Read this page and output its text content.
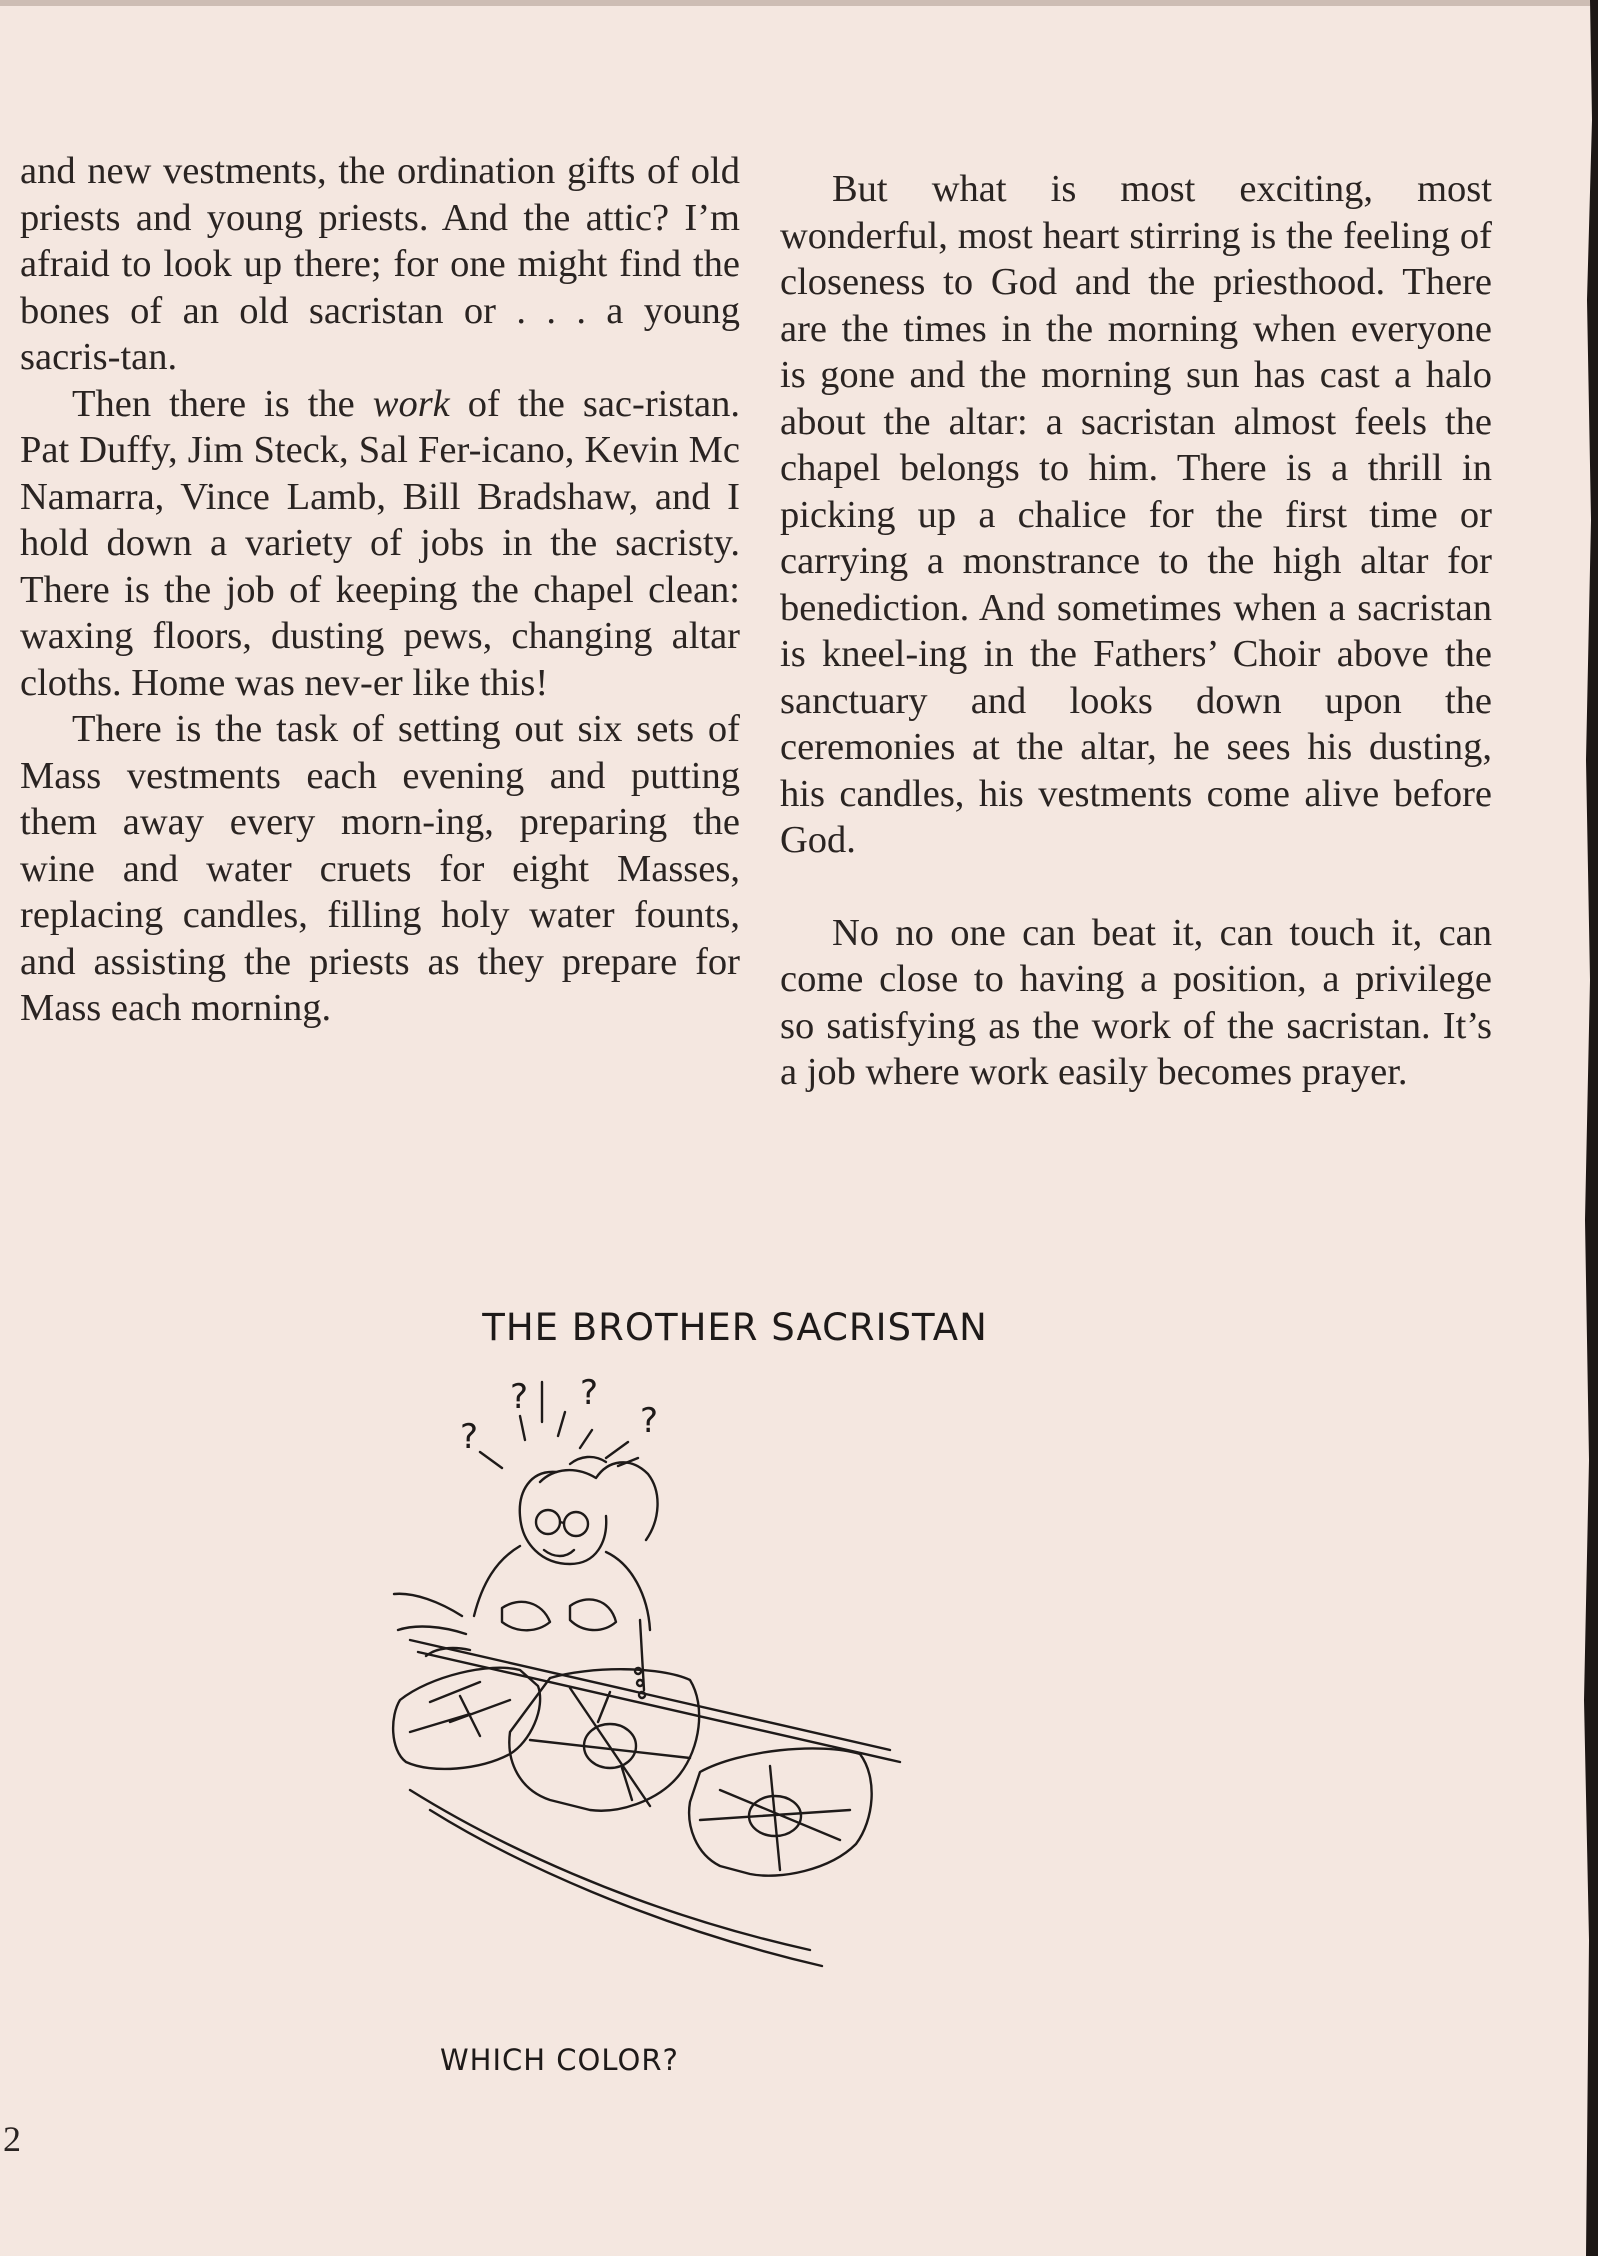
and new vestments, the ordination gifts of old priests and young priests. And the attic? I’m afraid to look up there; for one might find the bones of an old sacristan or . . . a young sacris-tan.

Then there is the work of the sac-ristan. Pat Duffy, Jim Steck, Sal Fer-icano, Kevin Mc Namarra, Vince Lamb, Bill Bradshaw, and I hold down a variety of jobs in the sacristy. There is the job of keeping the chapel clean: waxing floors, dusting pews, changing altar cloths. Home was nev-er like this!

There is the task of setting out six sets of Mass vestments each evening and putting them away every morn-ing, preparing the wine and water cruets for eight Masses, replacing candles, filling holy water founts, and assisting the priests as they prepare for Mass each morning.

But what is most exciting, most wonderful, most heart stirring is the feeling of closeness to God and the priesthood. There are the times in the morning when everyone is gone and the morning sun has cast a halo about the altar: a sacristan almost feels the chapel belongs to him. There is a thrill in picking up a chalice for the first time or carrying a monstrance to the high altar for benediction. And sometimes when a sacristan is kneel-ing in the Fathers’ Choir above the sanctuary and looks down upon the ceremonies at the altar, he sees his dusting, his candles, his vestments come alive before God.

No no one can beat it, can touch it, can come close to having a position, a privilege so satisfying as the work of the sacristan. It’s a job where work easily becomes prayer.

THE BROTHER SACRISTAN
?
? ?
?
WHICH COLOR?
2
